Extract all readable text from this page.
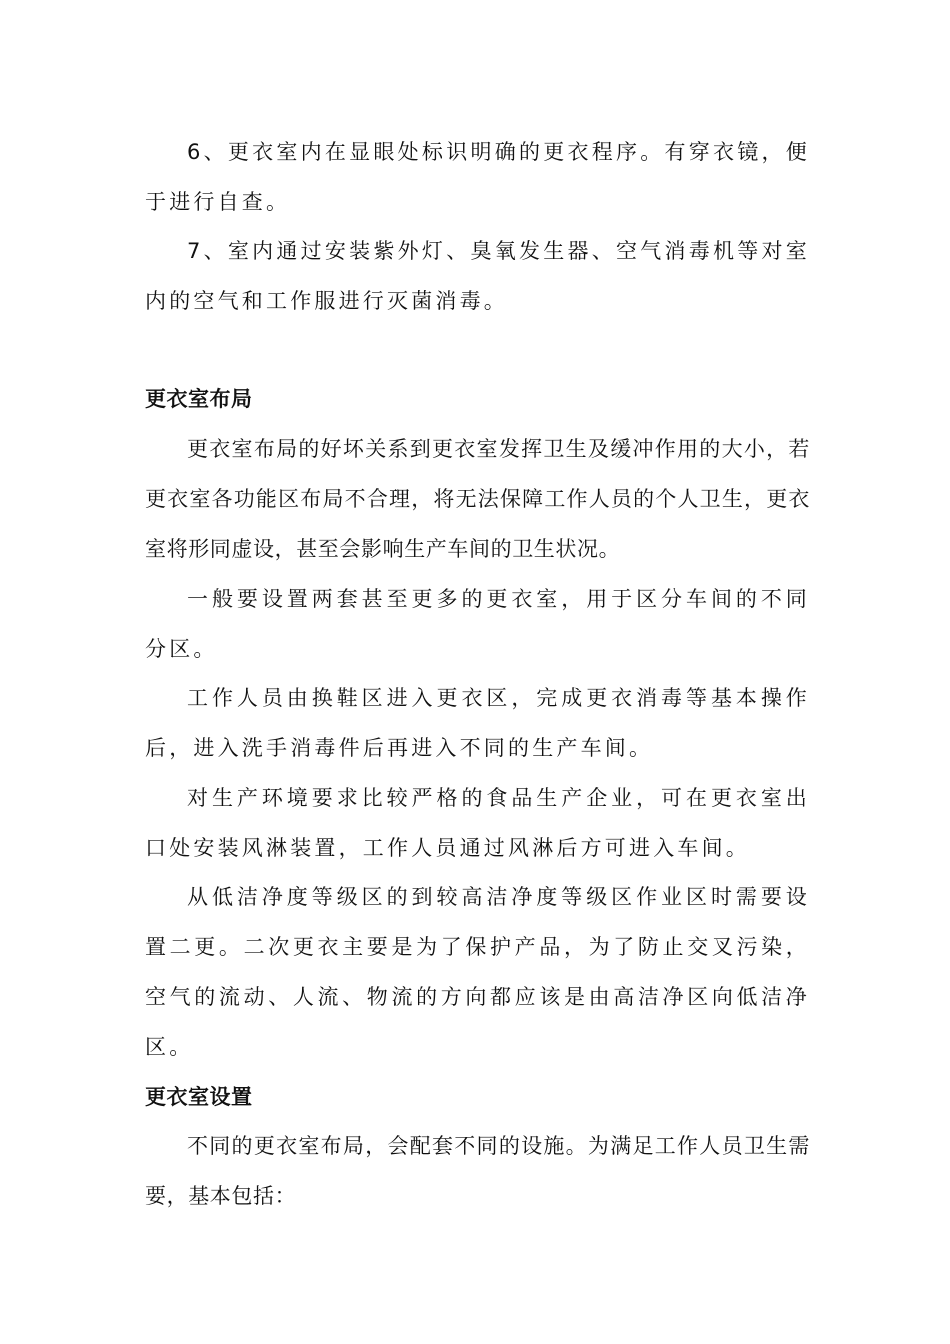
6、更衣室内在显眼处标识明确的更衣程序。有穿衣镜，便于进行自查。

7、室内通过安装紫外灯、臭氧发生器、空气消毒机等对室内的空气和工作服进行灭菌消毒。

更衣室布局

更衣室布局的好坏关系到更衣室发挥卫生及缓冲作用的大小，若更衣室各功能区布局不合理，将无法保障工作人员的个人卫生，更衣室将形同虚设，甚至会影响生产车间的卫生状况。

一般要设置两套甚至更多的更衣室，用于区分车间的不同分区。

工作人员由换鞋区进入更衣区，完成更衣消毒等基本操作后，进入洗手消毒件后再进入不同的生产车间。

对生产环境要求比较严格的食品生产企业，可在更衣室出口处安装风淋装置，工作人员通过风淋后方可进入车间。

从低洁净度等级区的到较高洁净度等级区作业区时需要设置二更。二次更衣主要是为了保护产品，为了防止交叉污染，空气的流动、人流、物流的方向都应该是由高洁净区向低洁净区。

更衣室设置

不同的更衣室布局，会配套不同的设施。为满足工作人员卫生需要，基本包括：
